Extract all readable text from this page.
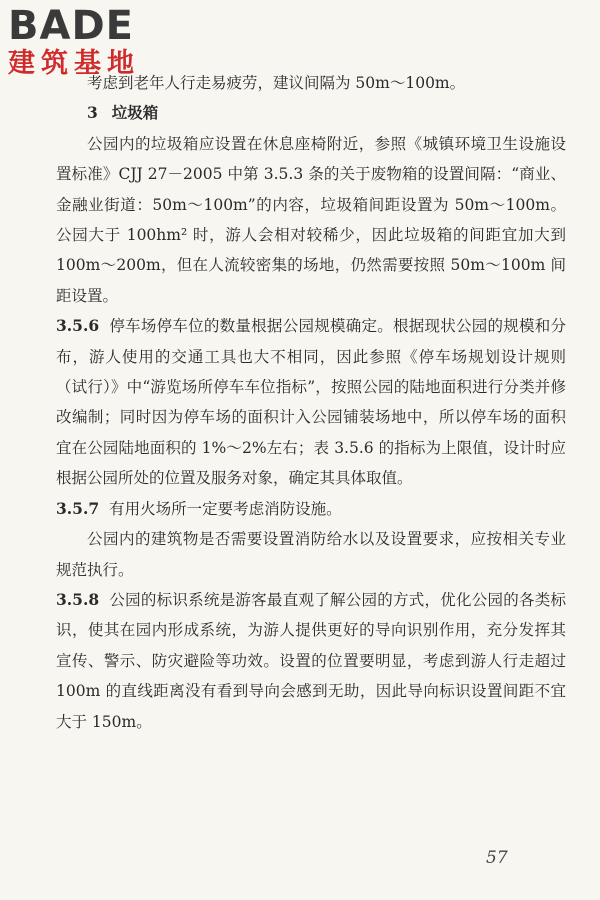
BADE
建筑基地

考虑到老年人行走易疲劳，建议间隔为 50m～100m。

3 垃圾箱

公园内的垃圾箱应设置在休息座椅附近，参照《城镇环境卫生设施设置标准》CJJ 27－2005 中第 3.5.3 条的关于废物箱的设置间隔：“商业、金融业街道：50m～100m”的内容，垃圾箱间距设置为 50m～100m。公园大于 100hm² 时，游人会相对较稀少，因此垃圾箱的间距宜加大到 100m～200m，但在人流较密集的场地，仍然需要按照 50m～100m 间距设置。

3.5.6 停车场停车位的数量根据公园规模确定。根据现状公园的规模和分布，游人使用的交通工具也大不相同，因此参照《停车场规划设计规则（试行）》中“游览场所停车车位指标”，按照公园的陆地面积进行分类并修改编制；同时因为停车场的面积计入公园铺装场地中，所以停车场的面积宜在公园陆地面积的 1%～2%左右；表 3.5.6 的指标为上限值，设计时应根据公园所处的位置及服务对象，确定其具体取值。

3.5.7 有用火场所一定要考虑消防设施。

公园内的建筑物是否需要设置消防给水以及设置要求，应按相关专业规范执行。

3.5.8 公园的标识系统是游客最直观了解公园的方式，优化公园的各类标识，使其在园内形成系统，为游人提供更好的导向识别作用，充分发挥其宣传、警示、防灾避险等功效。设置的位置要明显，考虑到游人行走超过 100m 的直线距离没有看到导向会感到无助，因此导向标识设置间距不宜大于 150m。

57
